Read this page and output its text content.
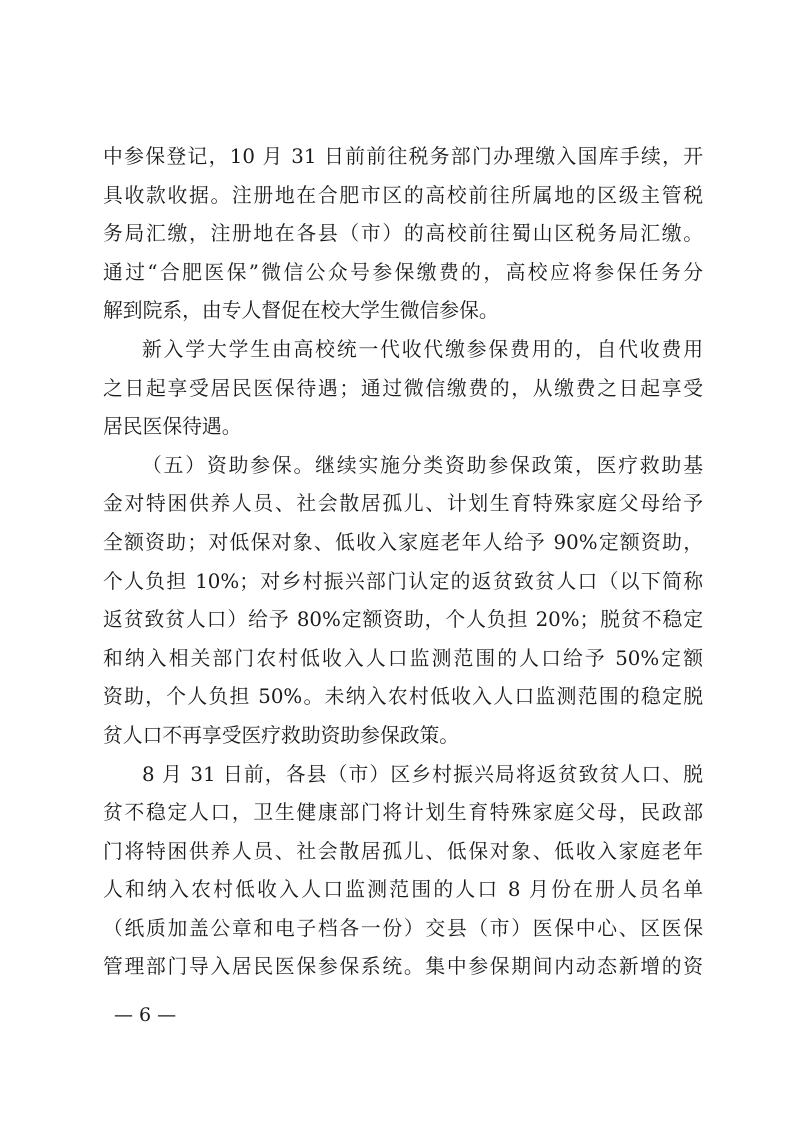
中参保登记，10 月 31 日前前往税务部门办理缴入国库手续，开
具收款收据。注册地在合肥市区的高校前往所属地的区级主管税
务局汇缴，注册地在各县（市）的高校前往蜀山区税务局汇缴。
通过“合肥医保”微信公众号参保缴费的，高校应将参保任务分
解到院系，由专人督促在校大学生微信参保。
新入学大学生由高校统一代收代缴参保费用的，自代收费用
之日起享受居民医保待遇；通过微信缴费的，从缴费之日起享受
居民医保待遇。
（五）资助参保。继续实施分类资助参保政策，医疗救助基
金对特困供养人员、社会散居孤儿、计划生育特殊家庭父母给予
全额资助；对低保对象、低收入家庭老年人给予 90%定额资助，
个人负担 10%；对乡村振兴部门认定的返贫致贫人口（以下简称
返贫致贫人口）给予 80%定额资助，个人负担 20%；脱贫不稳定
和纳入相关部门农村低收入人口监测范围的人口给予 50%定额
资助，个人负担 50%。未纳入农村低收入人口监测范围的稳定脱
贫人口不再享受医疗救助资助参保政策。
8 月 31 日前，各县（市）区乡村振兴局将返贫致贫人口、脱
贫不稳定人口，卫生健康部门将计划生育特殊家庭父母，民政部
门将特困供养人员、社会散居孤儿、低保对象、低收入家庭老年
人和纳入农村低收入人口监测范围的人口 8 月份在册人员名单
（纸质加盖公章和电子档各一份）交县（市）医保中心、区医保
管理部门导入居民医保参保系统。集中参保期间内动态新增的资
— 6 —
